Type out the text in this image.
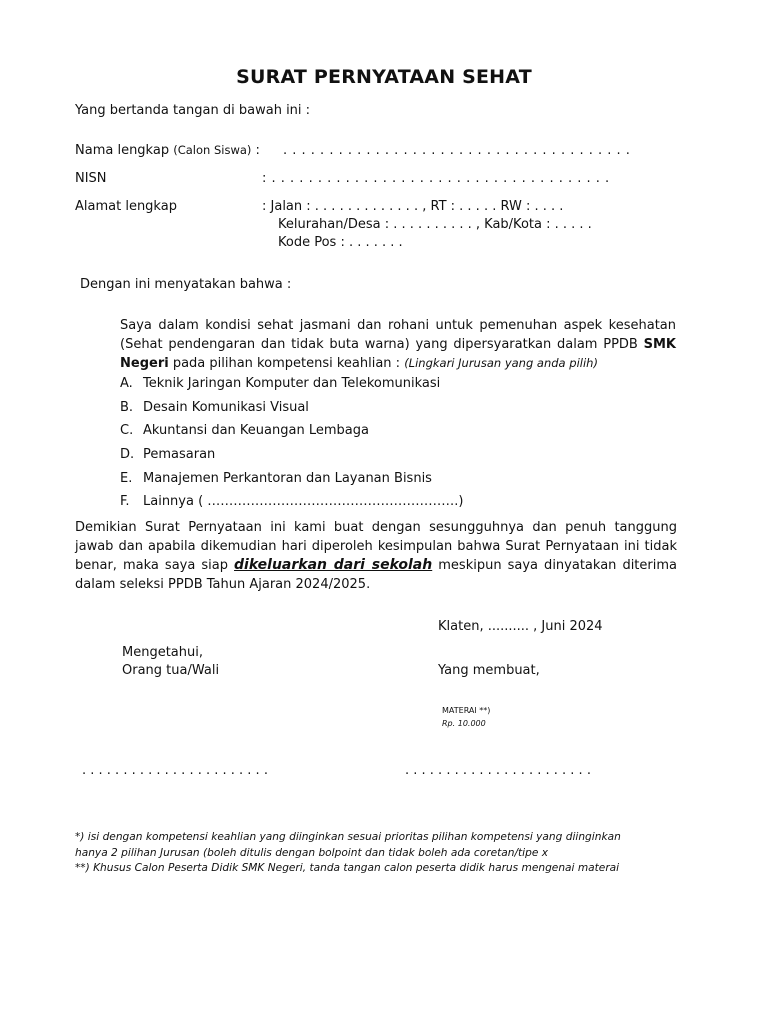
SURAT PERNYATAAN SEHAT
Yang bertanda tangan di bawah ini :
Nama lengkap (Calon Siswa) : . . . . . . . . . . . . . . . . . . . . . . . . . . . . . . . . . . . . . .
NISN	: . . . . . . . . . . . . . . . . . . . . . . . . . . . . . . . . . . . . .
Alamat lengkap	: Jalan : . . . . . . . . . . . . . , RT : . . . . . RW : . . . .
Kelurahan/Desa : . . . . . . . . . . , Kab/Kota : . . . . .
Kode Pos : . . . . . . .
Dengan ini menyatakan bahwa :
Saya dalam kondisi sehat jasmani dan rohani untuk pemenuhan aspek kesehatan (Sehat pendengaran dan tidak buta warna) yang dipersyaratkan dalam PPDB SMK Negeri pada pilihan kompetensi keahlian : (Lingkari Jurusan yang anda pilih)
A. Teknik Jaringan Komputer dan Telekomunikasi
B. Desain Komunikasi Visual
C. Akuntansi dan Keuangan Lembaga
D. Pemasaran
E. Manajemen Perkantoran dan Layanan Bisnis
F. Lainnya ( ………………………………………………….)
Demikian Surat Pernyataan ini kami buat dengan sesungguhnya dan penuh tanggung jawab dan apabila dikemudian hari diperoleh kesimpulan bahwa Surat Pernyataan ini tidak benar, maka saya siap dikeluarkan dari sekolah meskipun saya dinyatakan diterima dalam seleksi PPDB Tahun Ajaran 2024/2025.
Klaten, .......... , Juni 2024
Mengetahui,
Orang tua/Wali	Yang membuat,
MATERAI **)
Rp. 10.000
. . . . . . . . . . . . . . . . . . . . . . .	. . . . . . . . . . . . . . . . . . . . . . .
*) isi dengan kompetensi keahlian yang diinginkan sesuai prioritas pilihan kompetensi yang diinginkan
hanya 2 pilihan Jurusan (boleh ditulis dengan bolpoint dan tidak boleh ada coretan/tipe x
**) Khusus Calon Peserta Didik SMK Negeri, tanda tangan calon peserta didik harus mengenai materai
